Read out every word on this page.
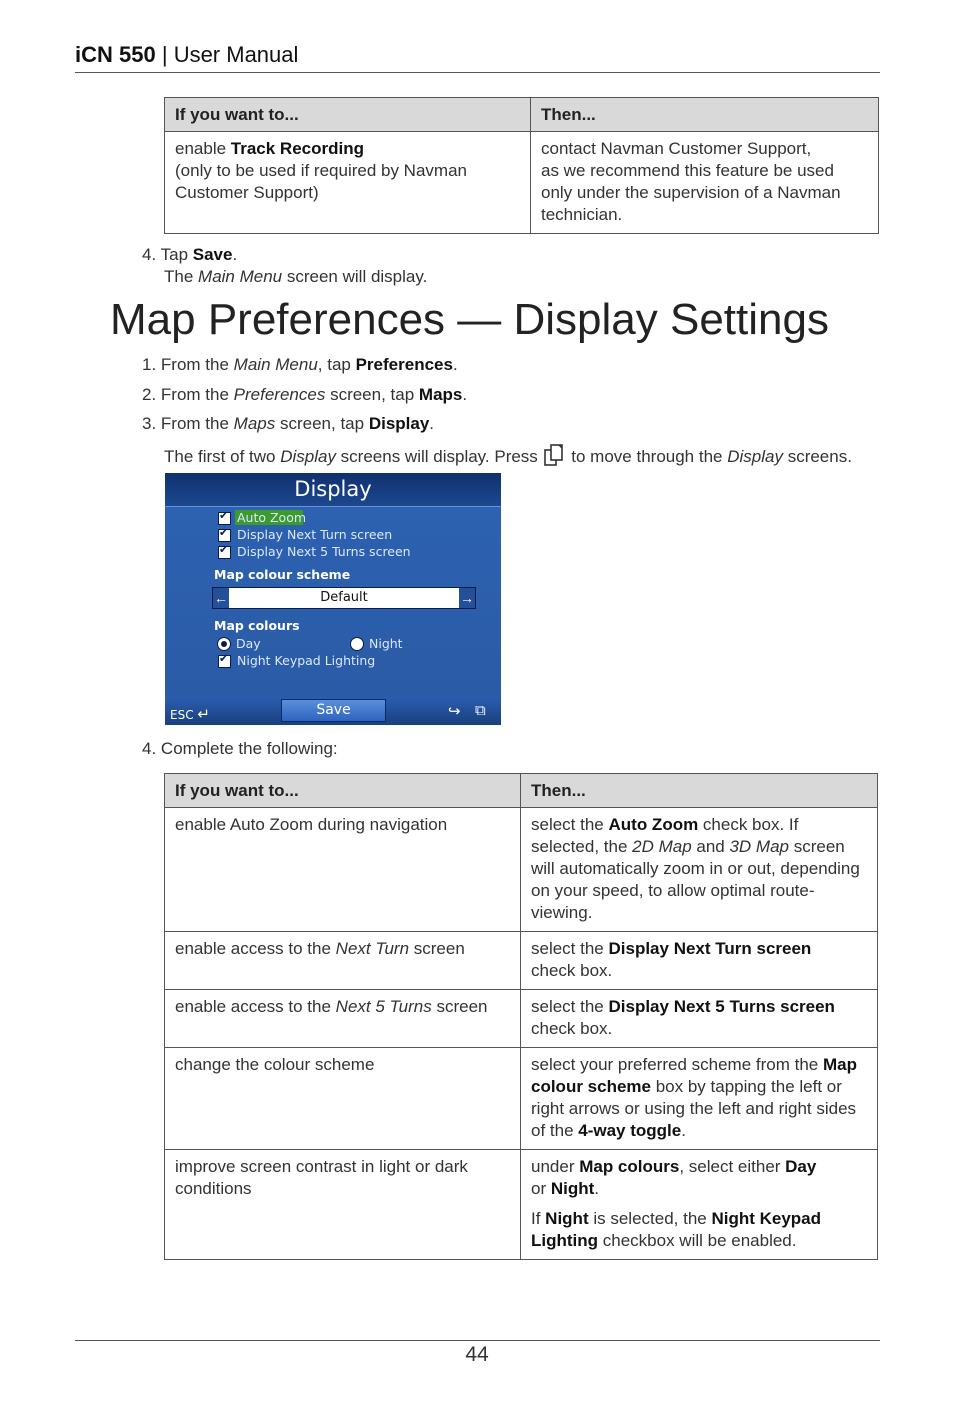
iCN 550 | User Manual
If you want to...	Then...
enable Track Recording
(only to be used if required by Navman
Customer Support)	contact Navman Customer Support,
as we recommend this feature be used
only under the supervision of a Navman
technician.
4. Tap Save.
The Main Menu screen will display.
Map Preferences — Display Settings
1. From the Main Menu, tap Preferences.
2. From the Preferences screen, tap Maps.
3. From the Maps screen, tap Display.
The first of two Display screens will display. Press  to move through the Display screens.
Display
✔
Auto Zoom
✔
Display Next Turn screen
✔
Display Next 5 Turns screen
Map colour scheme
←	Default	→
Map colours
Day	Night
✔
Night Keypad Lighting
ESC ↵	Save	↪ ⧉
4. Complete the following:
If you want to...	Then...
enable Auto Zoom during navigation	select the Auto Zoom check box. If selected, the 2D Map and 3D Map screen will automatically zoom in or out, depending on your speed, to allow optimal route-viewing.
enable access to the Next Turn screen	select the Display Next Turn screen
check box.
enable access to the Next 5 Turns screen	select the Display Next 5 Turns screen
check box.
change the colour scheme	select your preferred scheme from the Map colour scheme box by tapping the left or right arrows or using the left and right sides of the 4-way toggle.
improve screen contrast in light or dark conditions	under Map colours, select either Day
or Night.

If Night is selected, the Night Keypad Lighting checkbox will be enabled.

44
